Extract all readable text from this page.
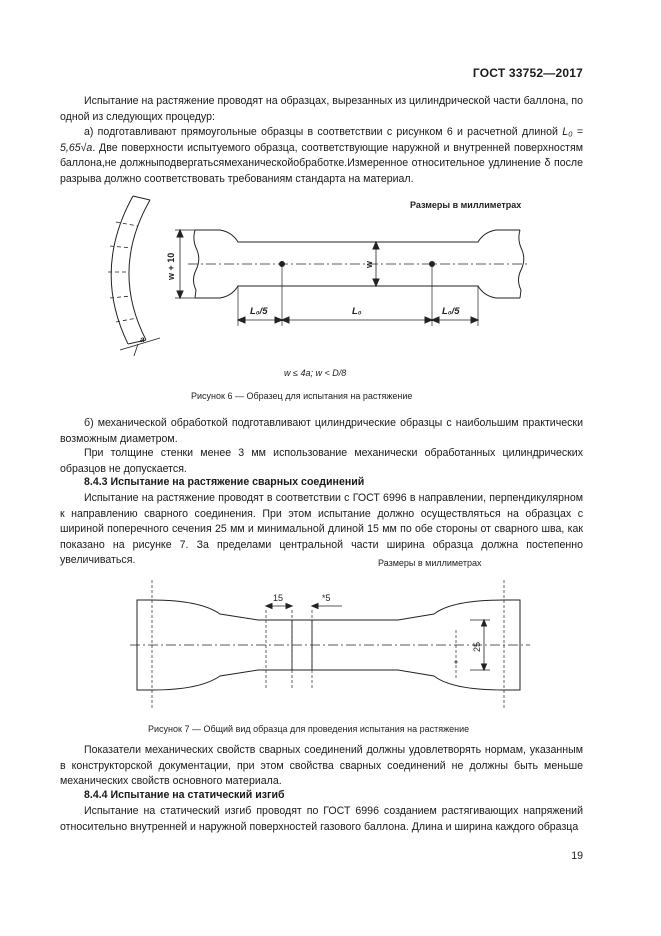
ГОСТ 33752—2017

Испытание на растяжение проводят на образцах, вырезанных из цилиндрической части баллона, по одной из следующих процедур:

а) подготавливают прямоугольные образцы в соответствии с рисунком 6 и расчетной длиной L₀ = 5,65√a. Две поверхности испытуемого образца, соответствующие наружной и внутренней поверхностям баллона,не должныподвергатьсямеханическойобработке.Измеренное относительное удлинение δ после разрыва должно соответствовать требованиям стандарта на материал.

Размеры в миллиметрах
w + 10	w
L₀/5	L₀	L₀/5
a
w ≤ 4a; w < D/8
Рисунок 6 — Образец для испытания на растяжение

б) механической обработкой подготавливают цилиндрические образцы с наибольшим практически возможным диаметром.

При толщине стенки менее 3 мм использование механически обработанных цилиндрических образцов не допускается.

8.4.3 Испытание на растяжение сварных соединений

Испытание на растяжение проводят в соответствии с ГОСТ 6996 в направлении, перпендикулярном к направлению сварного соединения. При этом испытание должно осуществляться на образцах с шириной поперечного сечения 25 мм и минимальной длиной 15 мм по обе стороны от сварного шва, как показано на рисунке 7. За пределами центральной части ширина образца должна постепенно увеличиваться.	Размеры в миллиметрах
15	*5
25
Рисунок 7 — Общий вид образца для проведения испытания на растяжение

Показатели механических свойств сварных соединений должны удовлетворять нормам, указанным в конструкторской документации, при этом свойства сварных соединений не должны быть меньше механических свойств основного материала.

8.4.4 Испытание на статический изгиб

Испытание на статический изгиб проводят по ГОСТ 6996 созданием растягивающих напряжений относительно внутренней и наружной поверхностей газового баллона. Длина и ширина каждого образца

19
